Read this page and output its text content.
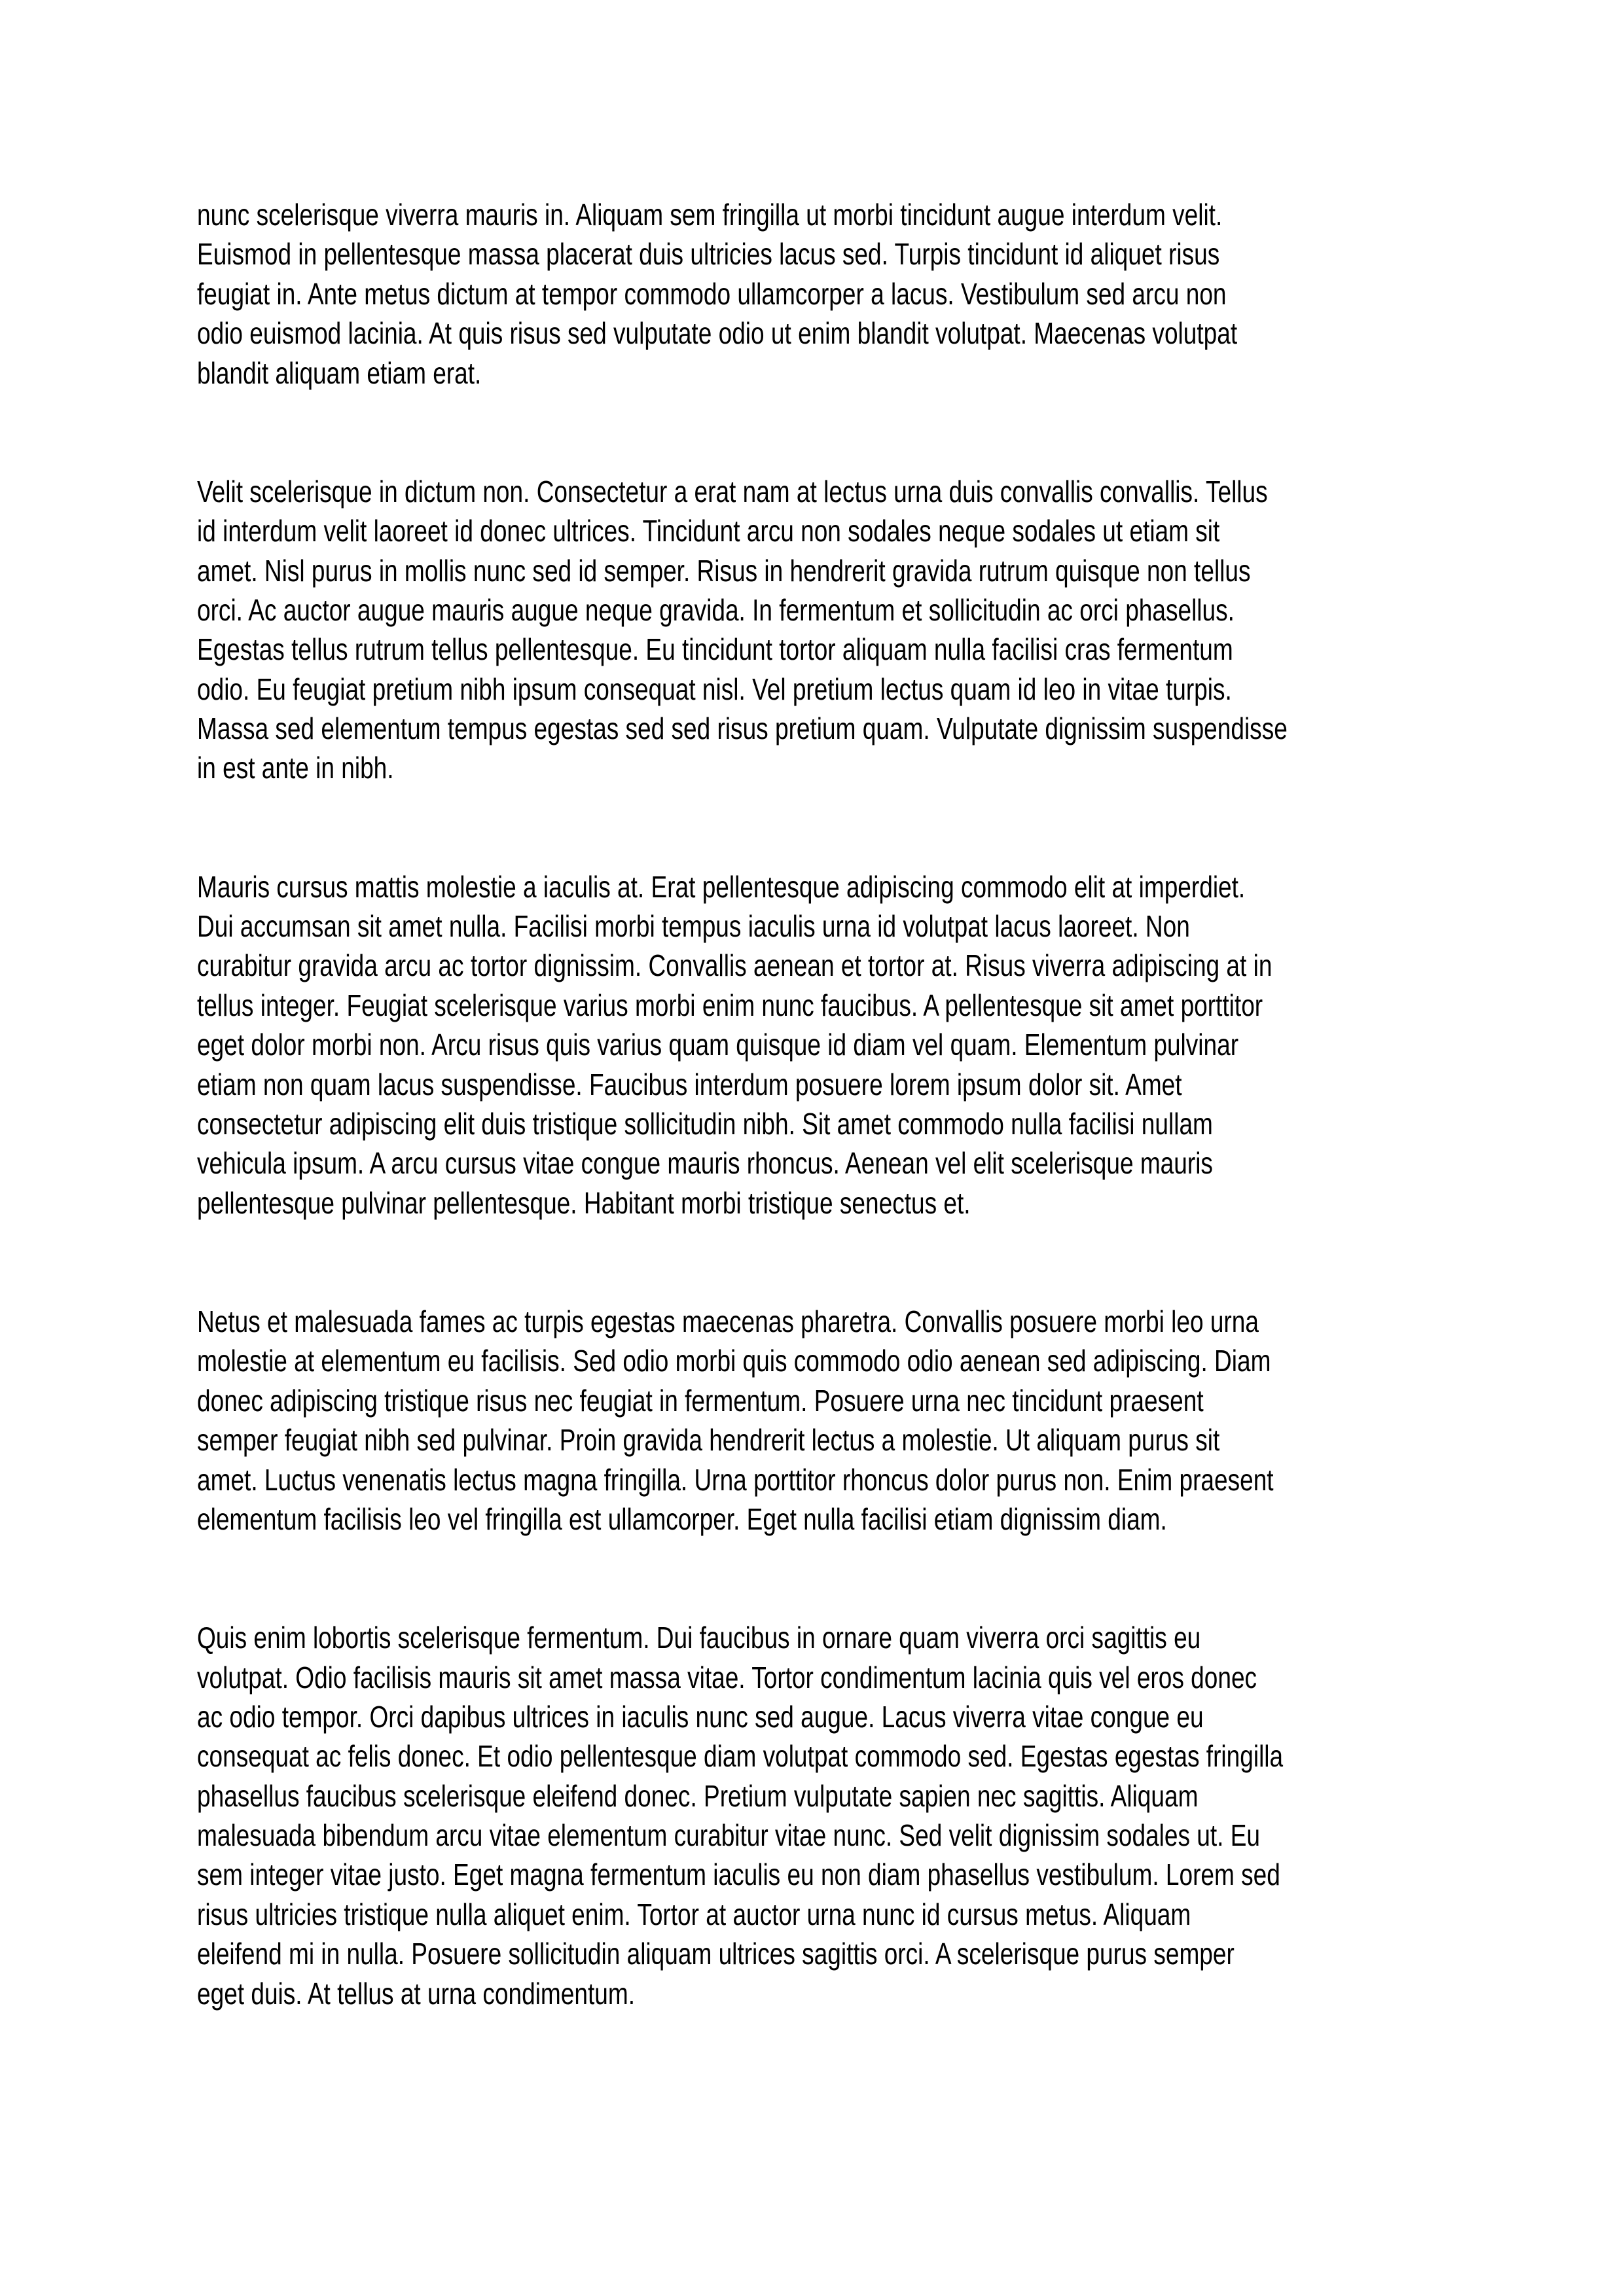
nunc scelerisque viverra mauris in. Aliquam sem fringilla ut morbi tincidunt augue interdum velit.
Euismod in pellentesque massa placerat duis ultricies lacus sed. Turpis tincidunt id aliquet risus
feugiat in. Ante metus dictum at tempor commodo ullamcorper a lacus. Vestibulum sed arcu non
odio euismod lacinia. At quis risus sed vulputate odio ut enim blandit volutpat. Maecenas volutpat
blandit aliquam etiam erat.

Velit scelerisque in dictum non. Consectetur a erat nam at lectus urna duis convallis convallis. Tellus
id interdum velit laoreet id donec ultrices. Tincidunt arcu non sodales neque sodales ut etiam sit
amet. Nisl purus in mollis nunc sed id semper. Risus in hendrerit gravida rutrum quisque non tellus
orci. Ac auctor augue mauris augue neque gravida. In fermentum et sollicitudin ac orci phasellus.
Egestas tellus rutrum tellus pellentesque. Eu tincidunt tortor aliquam nulla facilisi cras fermentum
odio. Eu feugiat pretium nibh ipsum consequat nisl. Vel pretium lectus quam id leo in vitae turpis.
Massa sed elementum tempus egestas sed sed risus pretium quam. Vulputate dignissim suspendisse
in est ante in nibh.

Mauris cursus mattis molestie a iaculis at. Erat pellentesque adipiscing commodo elit at imperdiet.
Dui accumsan sit amet nulla. Facilisi morbi tempus iaculis urna id volutpat lacus laoreet. Non
curabitur gravida arcu ac tortor dignissim. Convallis aenean et tortor at. Risus viverra adipiscing at in
tellus integer. Feugiat scelerisque varius morbi enim nunc faucibus. A pellentesque sit amet porttitor
eget dolor morbi non. Arcu risus quis varius quam quisque id diam vel quam. Elementum pulvinar
etiam non quam lacus suspendisse. Faucibus interdum posuere lorem ipsum dolor sit. Amet
consectetur adipiscing elit duis tristique sollicitudin nibh. Sit amet commodo nulla facilisi nullam
vehicula ipsum. A arcu cursus vitae congue mauris rhoncus. Aenean vel elit scelerisque mauris
pellentesque pulvinar pellentesque. Habitant morbi tristique senectus et.

Netus et malesuada fames ac turpis egestas maecenas pharetra. Convallis posuere morbi leo urna
molestie at elementum eu facilisis. Sed odio morbi quis commodo odio aenean sed adipiscing. Diam
donec adipiscing tristique risus nec feugiat in fermentum. Posuere urna nec tincidunt praesent
semper feugiat nibh sed pulvinar. Proin gravida hendrerit lectus a molestie. Ut aliquam purus sit
amet. Luctus venenatis lectus magna fringilla. Urna porttitor rhoncus dolor purus non. Enim praesent
elementum facilisis leo vel fringilla est ullamcorper. Eget nulla facilisi etiam dignissim diam.

Quis enim lobortis scelerisque fermentum. Dui faucibus in ornare quam viverra orci sagittis eu
volutpat. Odio facilisis mauris sit amet massa vitae. Tortor condimentum lacinia quis vel eros donec
ac odio tempor. Orci dapibus ultrices in iaculis nunc sed augue. Lacus viverra vitae congue eu
consequat ac felis donec. Et odio pellentesque diam volutpat commodo sed. Egestas egestas fringilla
phasellus faucibus scelerisque eleifend donec. Pretium vulputate sapien nec sagittis. Aliquam
malesuada bibendum arcu vitae elementum curabitur vitae nunc. Sed velit dignissim sodales ut. Eu
sem integer vitae justo. Eget magna fermentum iaculis eu non diam phasellus vestibulum. Lorem sed
risus ultricies tristique nulla aliquet enim. Tortor at auctor urna nunc id cursus metus. Aliquam
eleifend mi in nulla. Posuere sollicitudin aliquam ultrices sagittis orci. A scelerisque purus semper
eget duis. At tellus at urna condimentum.
